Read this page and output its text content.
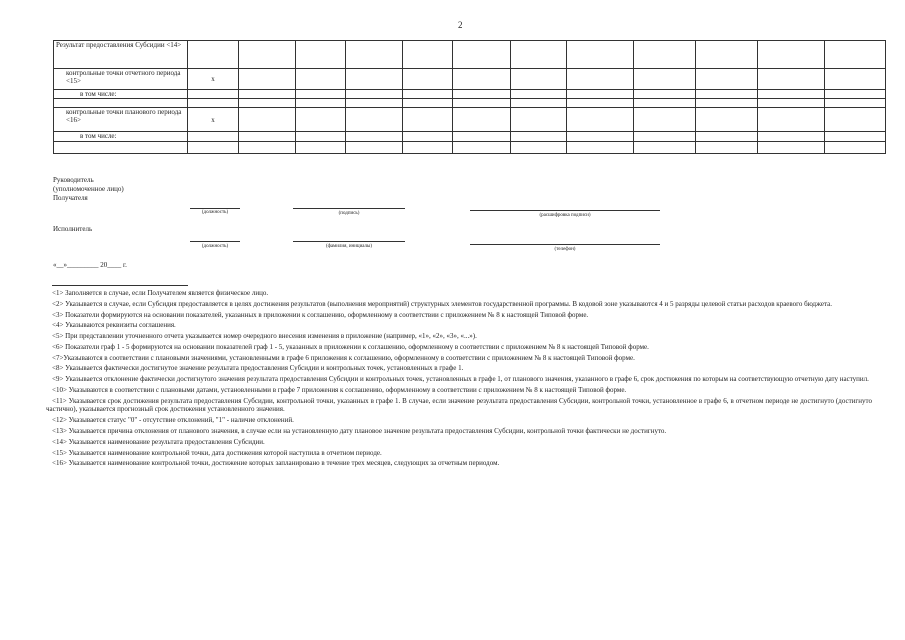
2
Результат предоставления Субсидии <14>												
контрольные точки отчетного периода <15>	х											
в том числе:												

контрольные точки планового периода <16>	х											
в том числе:												

Руководитель
(уполномоченное лицо)
Получателя
(должность)	(подпись)	(расшифровка подписи)
Исполнитель
(должность)	(фамилия, инициалы)
(телефон)
«__»_________ 20____ г.

<1> Заполняется в случае, если Получателем является физическое лицо.

<2> Указывается в случае, если Субсидия предоставляется в целях достижения результатов (выполнения мероприятий) структурных элементов государственной программы. В кодовой зоне указываются 4 и 5 разряды целевой статьи расходов краевого бюджета.

<3> Показатели формируются на основании показателей, указанных в приложении к соглашению, оформленному в соответствии с приложением № 8 к настоящей Типовой форме.

<4> Указываются реквизиты соглашения.

<5> При представлении уточненного отчета указывается номер очередного внесения изменения в приложение (например, «1», «2», «3», «...»).

<6> Показатели граф 1 - 5 формируются на основании показателей граф 1 - 5, указанных в приложении к соглашению, оформленному в соответствии с приложением № 8 к настоящей Типовой форме.

<7>Указываются в соответствии с плановыми значениями, установленными в графе 6 приложения к соглашению, оформленному в соответствии с приложением № 8 к настоящей Типовой форме.

<8> Указывается фактически достигнутое значение результата предоставления Субсидии и контрольных точек, установленных в графе 1.

<9> Указывается отклонение фактически достигнутого значения результата предоставления Субсидии и контрольных точек, установленных в графе 1, от планового значения, указанного в графе 6, срок достижения по которым на соответствующую отчетную дату наступил.

<10> Указываются в соответствии с плановыми датами, установленными в графе 7 приложения к соглашению, оформленному в соответствии с приложением № 8 к настоящей Типовой форме.

<11> Указывается срок достижения результата предоставления Субсидии, контрольной точки, указанных в графе 1. В случае, если значение результата предоставления Субсидии, контрольной точки, установленное в графе 6, в отчетном периоде не достигнуто (достигнуто частично), указывается прогнозный срок достижения установленного значения.

<12> Указывается статус "0" - отсутствие отклонений, "1" - наличие отклонений.

<13> Указывается причина отклонения от планового значения, в случае если на установленную дату плановое значение результата предоставления Субсидии, контрольной точки фактически не достигнуто.

<14> Указывается наименование результата предоставления Субсидии.

<15> Указывается наименование контрольной точки, дата достижения которой наступила в отчетном периоде.

<16> Указывается наименование контрольной точки, достижение которых запланировано в течение трех месяцев, следующих за отчетным периодом.
